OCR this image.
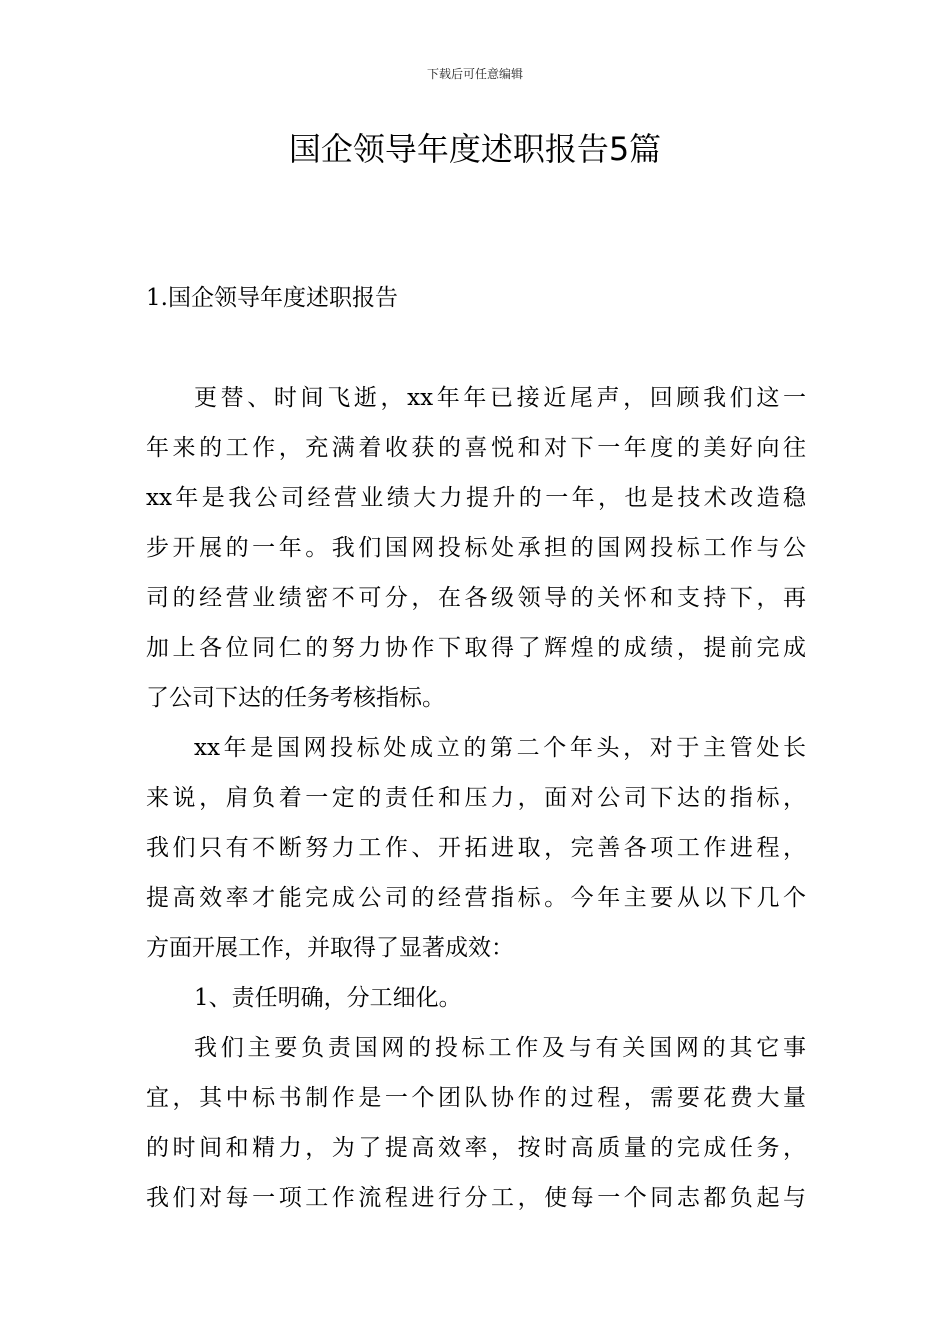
下载后可任意编辑
国企领导年度述职报告5篇
1.国企领导年度述职报告
更替、时间飞逝，xx年年已接近尾声，回顾我们这一
年来的工作，充满着收获的喜悦和对下一年度的美好向往
xx年是我公司经营业绩大力提升的一年，也是技术改造稳
步开展的一年。我们国网投标处承担的国网投标工作与公
司的经营业绩密不可分，在各级领导的关怀和支持下，再
加上各位同仁的努力协作下取得了辉煌的成绩，提前完成
了公司下达的任务考核指标。
xx年是国网投标处成立的第二个年头，对于主管处长
来说，肩负着一定的责任和压力，面对公司下达的指标，
我们只有不断努力工作、开拓进取，完善各项工作进程，
提高效率才能完成公司的经营指标。今年主要从以下几个
方面开展工作，并取得了显著成效：
1、责任明确，分工细化。
我们主要负责国网的投标工作及与有关国网的其它事
宜，其中标书制作是一个团队协作的过程，需要花费大量
的时间和精力，为了提高效率，按时高质量的完成任务，
我们对每一项工作流程进行分工，使每一个同志都负起与
